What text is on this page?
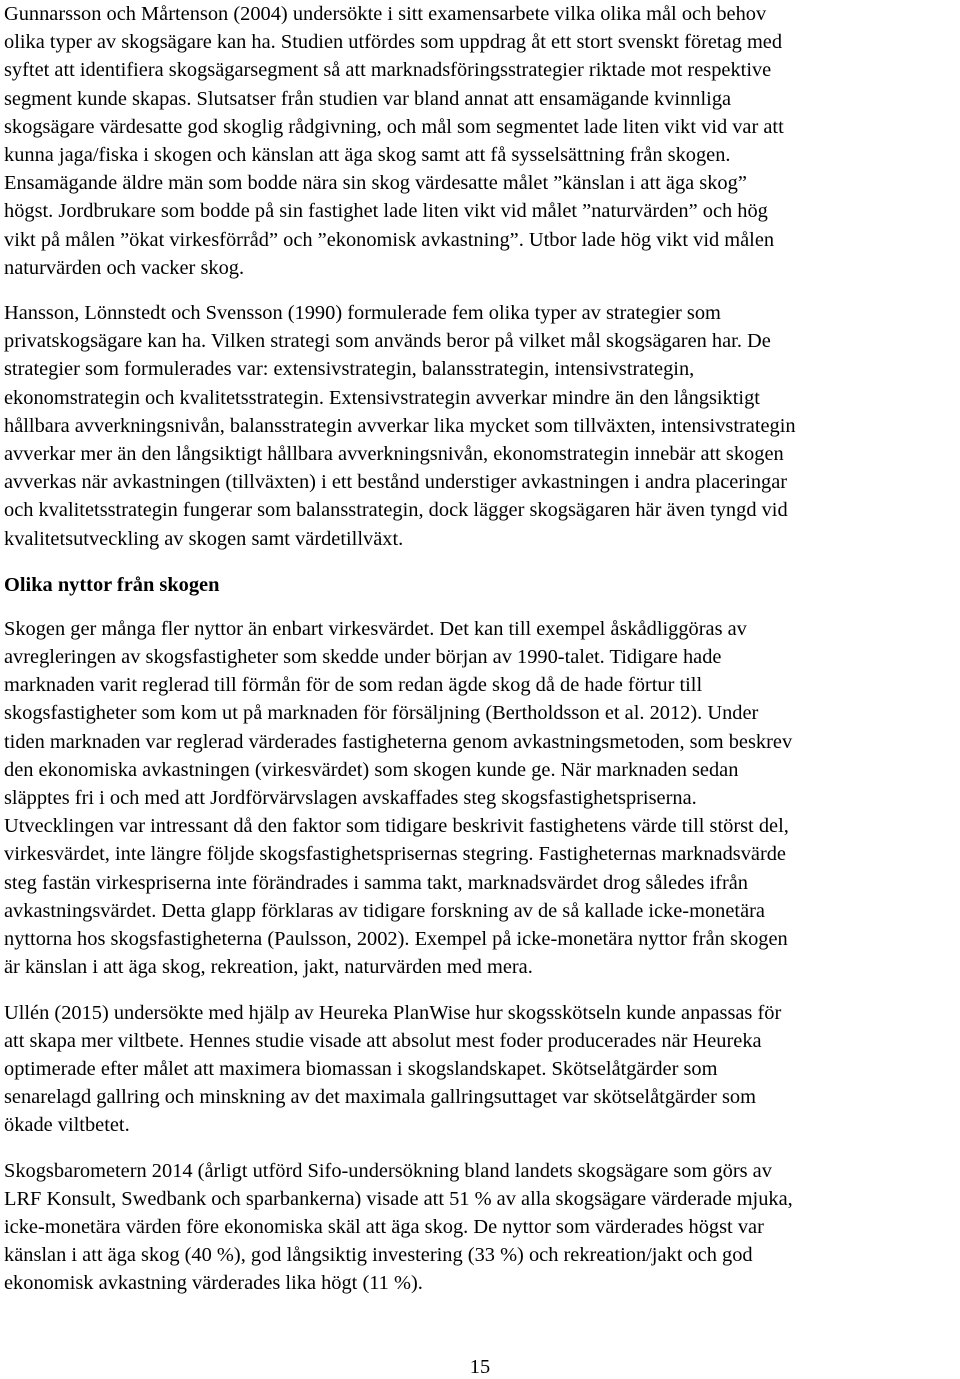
Gunnarsson och Mårtenson (2004) undersökte i sitt examensarbete vilka olika mål och behov
olika typer av skogsägare kan ha. Studien utfördes som uppdrag åt ett stort svenskt företag med
syftet att identifiera skogsägarsegment så att marknadsföringsstrategier riktade mot respektive
segment kunde skapas. Slutsatser från studien var bland annat att ensamägande kvinnliga
skogsägare värdesatte god skoglig rådgivning, och mål som segmentet lade liten vikt vid var att
kunna jaga/fiska i skogen och känslan att äga skog samt att få sysselsättning från skogen.
Ensamägande äldre män som bodde nära sin skog värdesatte målet ”känslan i att äga skog”
högst. Jordbrukare som bodde på sin fastighet lade liten vikt vid målet ”naturvärden” och hög
vikt på målen ”ökat virkesförråd” och ”ekonomisk avkastning”. Utbor lade hög vikt vid målen
naturvärden och vacker skog.

Hansson, Lönnstedt och Svensson (1990) formulerade fem olika typer av strategier som
privatskogsägare kan ha. Vilken strategi som används beror på vilket mål skogsägaren har. De
strategier som formulerades var: extensivstrategin, balansstrategin, intensivstrategin,
ekonomstrategin och kvalitetsstrategin. Extensivstrategin avverkar mindre än den långsiktigt
hållbara avverkningsnivån, balansstrategin avverkar lika mycket som tillväxten, intensivstrategin
avverkar mer än den långsiktigt hållbara avverkningsnivån, ekonomstrategin innebär att skogen
avverkas när avkastningen (tillväxten) i ett bestånd understiger avkastningen i andra placeringar
och kvalitetsstrategin fungerar som balansstrategin, dock lägger skogsägaren här även tyngd vid
kvalitetsutveckling av skogen samt värdetillväxt.

Olika nyttor från skogen

Skogen ger många fler nyttor än enbart virkesvärdet. Det kan till exempel åskådliggöras av
avregleringen av skogsfastigheter som skedde under början av 1990-talet. Tidigare hade
marknaden varit reglerad till förmån för de som redan ägde skog då de hade förtur till
skogsfastigheter som kom ut på marknaden för försäljning (Bertholdsson et al. 2012). Under
tiden marknaden var reglerad värderades fastigheterna genom avkastningsmetoden, som beskrev
den ekonomiska avkastningen (virkesvärdet) som skogen kunde ge. När marknaden sedan
släpptes fri i och med att Jordförvärvslagen avskaffades steg skogsfastighetspriserna.
Utvecklingen var intressant då den faktor som tidigare beskrivit fastighetens värde till störst del,
virkesvärdet, inte längre följde skogsfastighetsprisernas stegring. Fastigheternas marknadsvärde
steg fastän virkespriserna inte förändrades i samma takt, marknadsvärdet drog således ifrån
avkastningsvärdet. Detta glapp förklaras av tidigare forskning av de så kallade icke-monetära
nyttorna hos skogsfastigheterna (Paulsson, 2002). Exempel på icke-monetära nyttor från skogen
är känslan i att äga skog, rekreation, jakt, naturvärden med mera.

Ullén (2015) undersökte med hjälp av Heureka PlanWise hur skogsskötseln kunde anpassas för
att skapa mer viltbete. Hennes studie visade att absolut mest foder producerades när Heureka
optimerade efter målet att maximera biomassan i skogslandskapet. Skötselåtgärder som
senarelagd gallring och minskning av det maximala gallringsuttaget var skötselåtgärder som
ökade viltbetet.

Skogsbarometern 2014 (årligt utförd Sifo-undersökning bland landets skogsägare som görs av
LRF Konsult, Swedbank och sparbankerna) visade att 51 % av alla skogsägare värderade mjuka,
icke-monetära värden före ekonomiska skäl att äga skog. De nyttor som värderades högst var
känslan i att äga skog (40 %), god långsiktig investering (33 %) och rekreation/jakt och god
ekonomisk avkastning värderades lika högt (11 %).

15
